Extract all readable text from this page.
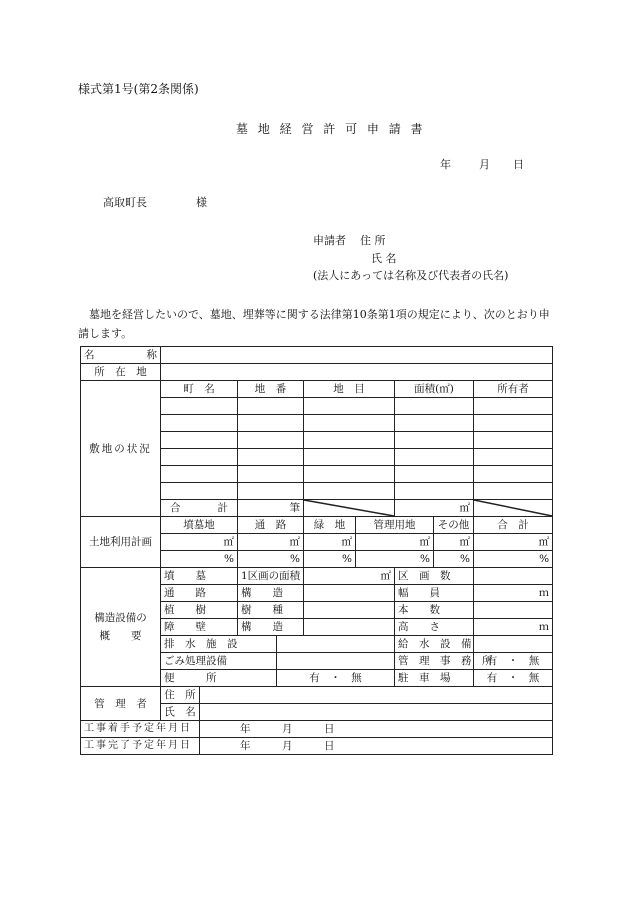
様式第1号(第2条関係)
墓 地 経 営 許 可 申 請 書
年	月 日
高取町長	様
申請者 住 所
氏 名
(法人にあっては名称及び代表者の氏名)
墓地を経営したいので、墓地、埋葬等に関する法律第10条第1項の規定により、次のとおり申請します。
名 称									

所　在　地									
敷地の状況	町　名		地　番		地　目		面積(㎡)		所有者

	合 計		筆				㎡	

土地利用計画	墳墓地		通　路		緑　地	管理用地		その他	合　計
	㎡		㎡		㎡	㎡		㎡	㎡
	%		%		%	%		%	%

構造設備の
概　　要	墳　　墓		1区画の面積		㎡		区　画　数		
	通　　路		構　　造				幅　　員		ｍ
	植　　樹		樹　　種				本　　数		
	障　　壁		構　　造				高　　さ		ｍ
	排　水　施　設						給　水　設　備		
	ごみ処理設備						管　理　事　務　所		有　・　無
	便　　　所			有　・　無			駐　車　場		有　・　無
管　理　者	住　所								
	氏　名								
工事着手予定年月日		年　　　月　　　日							
工事完了予定年月日		年　　　月　　　日							
